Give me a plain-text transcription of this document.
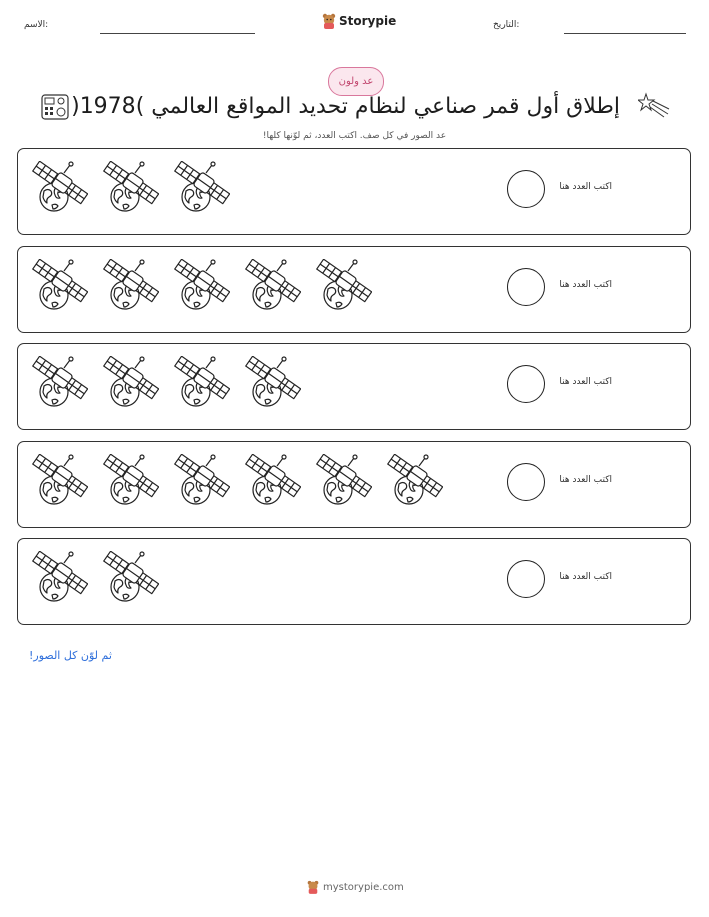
الاسم:	Storypie	التاريخ:
عد ولون
إطلاق أول قمر صناعي لنظام تحديد المواقع العالمي )1978(
عد الصور في كل صف. اكتب العدد، ثم لوّنها كلها!
اكتب العدد هنا
اكتب العدد هنا
اكتب العدد هنا
اكتب العدد هنا
اكتب العدد هنا
ثم لوّن كل الصور!
mystorypie.com
